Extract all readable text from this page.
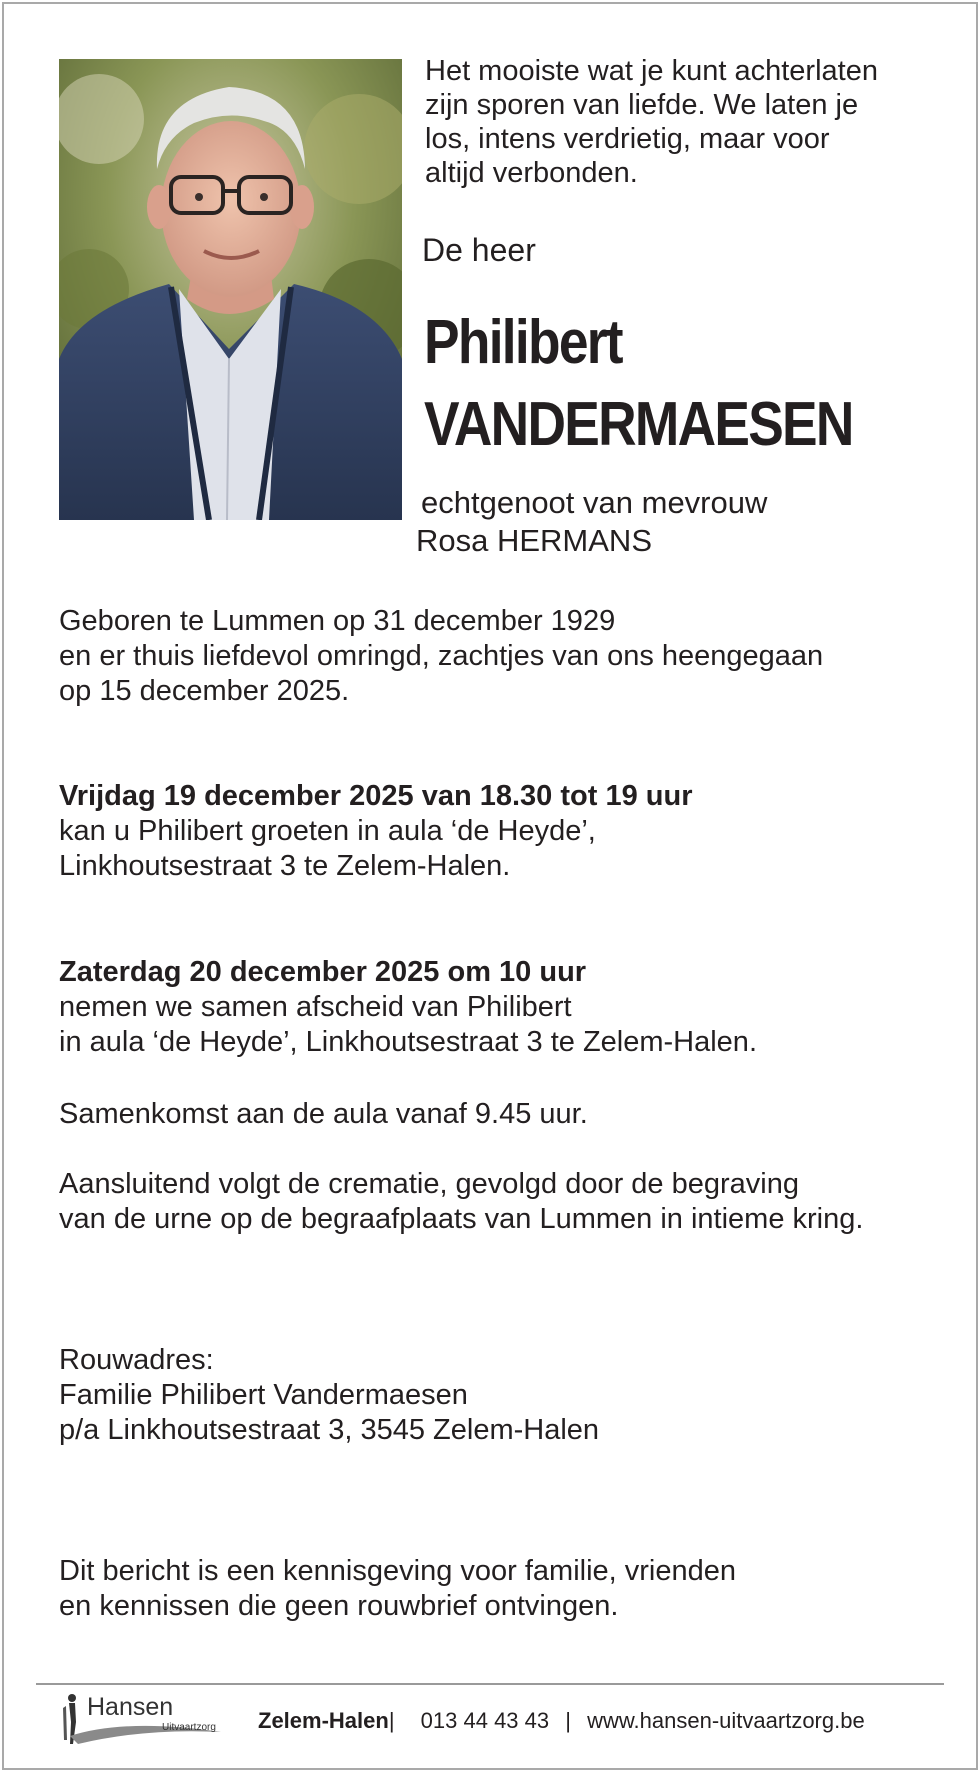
Het mooiste wat je kunt achterlaten
zijn sporen van liefde. We laten je
los, intens verdrietig, maar voor
altijd verbonden.
De heer
Philibert
VANDERMAESEN
echtgenoot van mevrouw
Rosa HERMANS
Geboren te Lummen op 31 december 1929
en er thuis liefdevol omringd, zachtjes van ons heengegaan
op 15 december 2025.
Vrijdag 19 december 2025 van 18.30 tot 19 uur
kan u Philibert groeten in aula ‘de Heyde’,
Linkhoutsestraat 3 te Zelem-Halen.
Zaterdag 20 december 2025 om 10 uur
nemen we samen afscheid van Philibert
in aula ‘de Heyde’, Linkhoutsestraat 3 te Zelem-Halen.
Samenkomst aan de aula vanaf 9.45 uur.
Aansluitend volgt de crematie, gevolgd door de begraving
van de urne op de begraafplaats van Lummen in intieme kring.
Rouwadres:
Familie Philibert Vandermaesen
p/a Linkhoutsestraat 3, 3545 Zelem-Halen
Dit bericht is een kennisgeving voor familie, vrienden
en kennissen die geen rouwbrief ontvingen.
Hansen
Uitvaartzorg Zelem-Halen| 013 44 43 43 | www.hansen-uitvaartzorg.be
